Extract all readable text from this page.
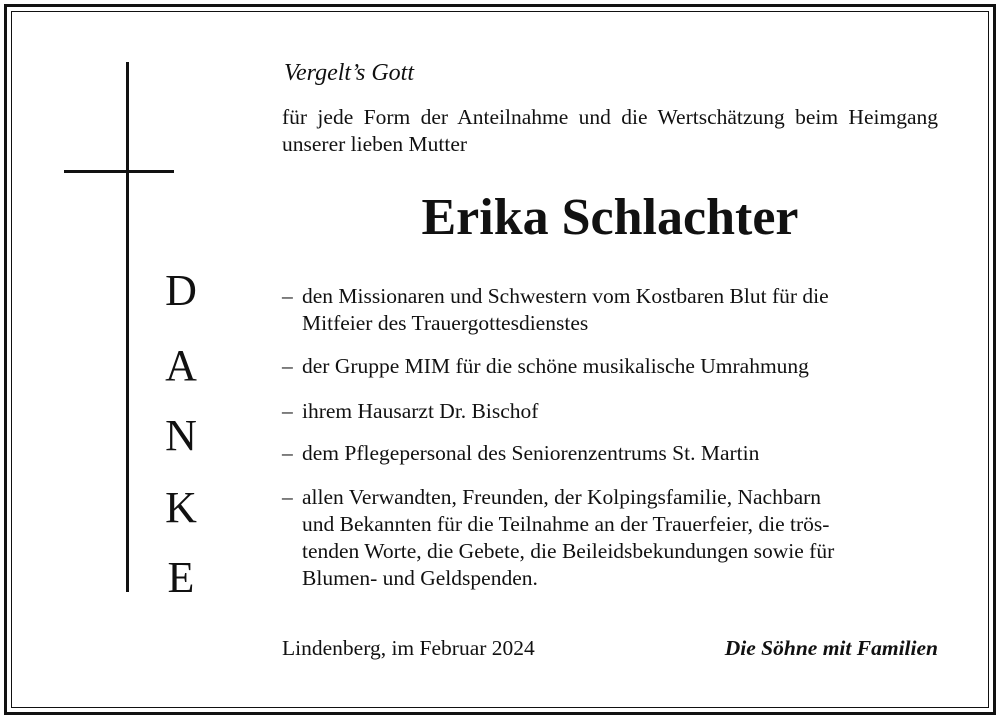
D
A
N
K
E
Vergelt’s Gott
für jede Form der Anteilnahme und die Wertschätzung beim Heimgang unserer lieben Mutter
Erika Schlachter
– den Missionaren und Schwestern vom Kostbaren Blut für die
Mitfeier des Trauergottesdienstes
– der Gruppe MIM für die schöne musikalische Umrahmung
– ihrem Hausarzt Dr. Bischof
– dem Pflegepersonal des Seniorenzentrums St. Martin
– allen Verwandten, Freunden, der Kolpingsfamilie, Nachbarn
und Bekannten für die Teilnahme an der Trauerfeier, die trös-
tenden Worte, die Gebete, die Beileidsbekundungen sowie für
Blumen- und Geldspenden.
Lindenberg, im Februar 2024	Die Söhne mit Familien
